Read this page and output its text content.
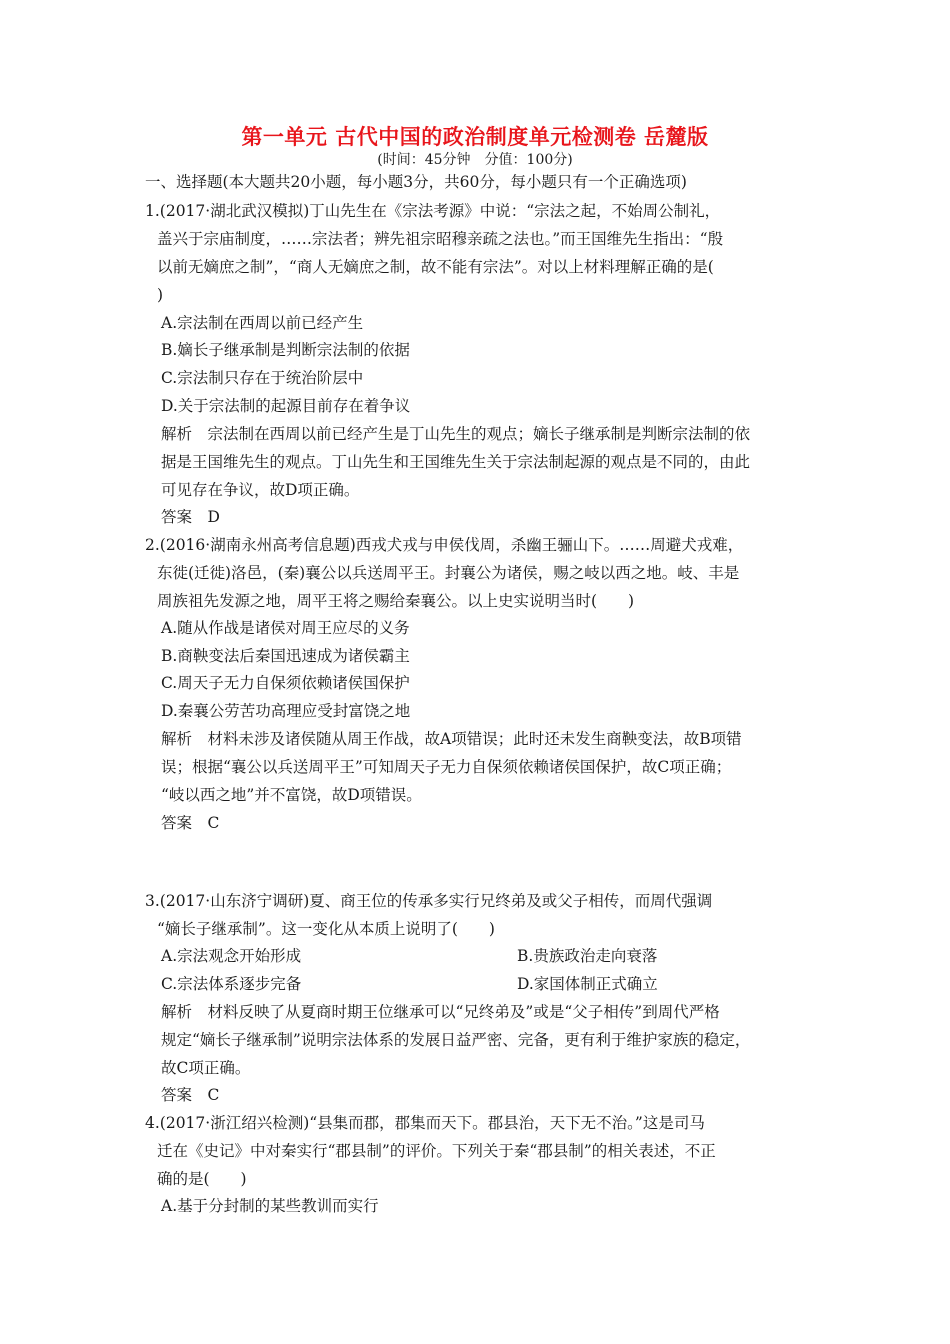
第一单元 古代中国的政治制度单元检测卷 岳麓版
(时间：45分钟　分值：100分)
一、选择题(本大题共20小题，每小题3分，共60分，每小题只有一个正确选项)
1.(2017·湖北武汉模拟)丁山先生在《宗法考源》中说：“宗法之起，不始周公制礼，
盖兴于宗庙制度，……宗法者；辨先祖宗昭穆亲疏之法也。”而王国维先生指出：“殷
以前无嫡庶之制”，“商人无嫡庶之制，故不能有宗法”。对以上材料理解正确的是(
)
A.宗法制在西周以前已经产生
B.嫡长子继承制是判断宗法制的依据
C.宗法制只存在于统治阶层中
D.关于宗法制的起源目前存在着争议
解析　宗法制在西周以前已经产生是丁山先生的观点；嫡长子继承制是判断宗法制的依
据是王国维先生的观点。丁山先生和王国维先生关于宗法制起源的观点是不同的，由此
可见存在争议，故D项正确。
答案　D
2.(2016·湖南永州高考信息题)西戎犬戎与申侯伐周，杀幽王骊山下。……周避犬戎难，
东徙(迁徙)洛邑，(秦)襄公以兵送周平王。封襄公为诸侯，赐之岐以西之地。岐、丰是
周族祖先发源之地，周平王将之赐给秦襄公。以上史实说明当时(　　)
A.随从作战是诸侯对周王应尽的义务
B.商鞅变法后秦国迅速成为诸侯霸主
C.周天子无力自保须依赖诸侯国保护
D.秦襄公劳苦功高理应受封富饶之地
解析　材料未涉及诸侯随从周王作战，故A项错误；此时还未发生商鞅变法，故B项错
误；根据“襄公以兵送周平王”可知周天子无力自保须依赖诸侯国保护，故C项正确；
“岐以西之地”并不富饶，故D项错误。
答案　C
3.(2017·山东济宁调研)夏、商王位的传承多实行兄终弟及或父子相传，而周代强调
“嫡长子继承制”。这一变化从本质上说明了(　　)
A.宗法观念开始形成	B.贵族政治走向衰落
C.宗法体系逐步完备	D.家国体制正式确立
解析　材料反映了从夏商时期王位继承可以“兄终弟及”或是“父子相传”到周代严格
规定“嫡长子继承制”说明宗法体系的发展日益严密、完备，更有利于维护家族的稳定，
故C项正确。
答案　C
4.(2017·浙江绍兴检测)“县集而郡，郡集而天下。郡县治，天下无不治。”这是司马
迁在《史记》中对秦实行“郡县制”的评价。下列关于秦“郡县制”的相关表述，不正
确的是(　　)
A.基于分封制的某些教训而实行
